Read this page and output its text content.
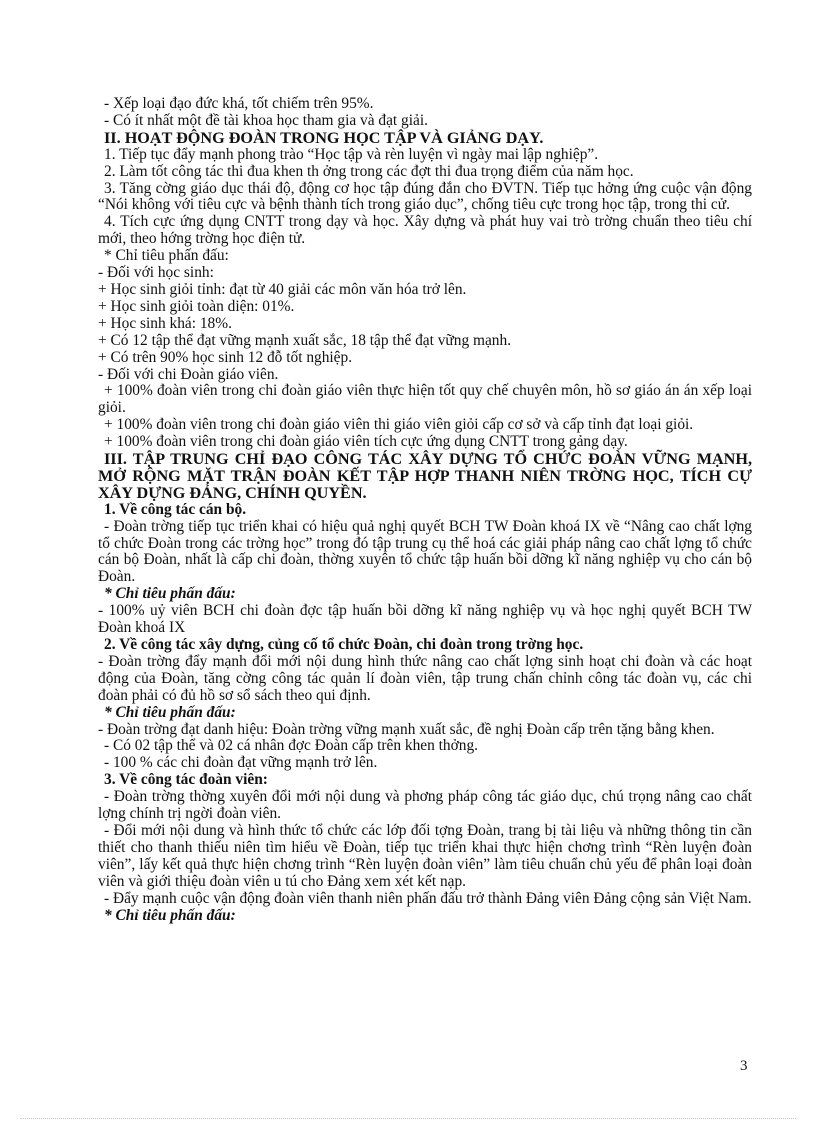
- Xếp loại đạo đức khá, tốt chiếm trên 95%.

- Có ít nhất một đề tài khoa học tham gia và đạt giải.

II. HOẠT ĐỘNG ĐOÀN TRONG HỌC TẬP VÀ GIẢNG DẠY.

1. Tiếp tục đẩy mạnh phong trào “Học tập và rèn luyện vì ngày mai lập nghiệp”.

2. Làm tốt công tác thi đua khen th ởng trong các đợt thi đua trọng điểm của năm học.

3. Tăng cờng giáo dục thái độ, động cơ học tập đúng đắn cho ĐVTN. Tiếp tục hởng ứng cuộc vận động “Nói không với tiêu cực và bệnh thành tích trong giáo dục”, chống tiêu cực trong học tập, trong thi cử.

4. Tích cực ứng dụng CNTT trong dạy và học. Xây dựng và phát huy vai trò trờng chuẩn theo tiêu chí mới, theo hớng trờng học điện tử.

* Chỉ tiêu phấn đấu:

- Đối với học sinh:

+ Học sinh giỏi tỉnh: đạt từ 40 giải các môn văn hóa trở lên.

+ Học sinh giỏi toàn diện: 01%.

+ Học sinh khá: 18%.

+ Có 12 tập thể đạt vững mạnh xuất sắc, 18 tập thể đạt vững mạnh.

+ Có trên 90% học sinh 12 đỗ tốt nghiệp.

- Đối với chi Đoàn giáo viên.

+ 100% đoàn viên trong chi đoàn giáo viên thực hiện tốt quy chế chuyên môn, hồ sơ giáo án án xếp loại giỏi.

+ 100% đoàn viên trong chi đoàn giáo viên thi giáo viên giỏi cấp cơ sở và cấp tỉnh đạt loại giỏi.

+ 100% đoàn viên trong chi đoàn giáo viên tích cực ứng dụng CNTT trong gảng dạy.

III. TẬP TRUNG CHỈ ĐẠO CÔNG TÁC XÂY DỰNG TỔ CHỨC ĐOÀN VỮNG MẠNH, MỞ RỘNG MẶT TRẬN ĐOÀN KẾT TẬP HỢP THANH NIÊN TRỜNG HỌC, TÍCH CỰ XÂY DỰNG ĐẢNG, CHÍNH QUYỀN.

1. Về công tác cán bộ.

- Đoàn trờng tiếp tục triển khai có hiệu quả nghị quyết BCH TW Đoàn khoá IX về “Nâng cao chất lợng tổ chức Đoàn trong các trờng học” trong đó tập trung cụ thể hoá các giải pháp nâng cao chất lợng tổ chức cán bộ Đoàn, nhất là cấp chi đoàn, thờng xuyên tổ chức tập huấn bồi dỡng kĩ năng nghiệp vụ cho cán bộ Đoàn.

* Chỉ tiêu phấn đấu:

- 100% uỷ viên BCH chi đoàn đợc tập huấn bồi dỡng kĩ năng nghiệp vụ và học nghị quyết BCH TW Đoàn khoá IX

2. Về công tác xây dựng, củng cố tổ chức Đoàn, chi đoàn trong trờng học.

- Đoàn trờng đẩy mạnh đổi mới nội dung hình thức nâng cao chất lợng sinh hoạt chi đoàn và các hoạt động của Đoàn, tăng cờng công tác quản lí đoàn viên, tập trung chấn chỉnh công tác đoàn vụ, các chi đoàn phải có đủ hồ sơ sổ sách theo qui định.

* Chỉ tiêu phấn đấu:

- Đoàn trờng đạt danh hiệu: Đoàn trờng vững mạnh xuất sắc, đề nghị Đoàn cấp trên tặng bằng khen.

- Có 02 tập thể và 02 cá nhân đợc Đoàn cấp trên khen thởng.

- 100 % các chi đoàn đạt vững mạnh trở lên.

3. Về công tác đoàn viên:

- Đoàn trờng thờng xuyên đổi mới nội dung và phơng pháp công tác giáo dục, chú trọng nâng cao chất lợng chính trị ngời đoàn viên.

- Đổi mới nội dung và hình thức tổ chức các lớp đối tợng Đoàn, trang bị tài liệu và những thông tin cần thiết cho thanh thiếu niên tìm hiểu về Đoàn, tiếp tục triển khai thực hiện chơng trình “Rèn luyện đoàn viên”, lấy kết quả thực hiện chơng trình “Rèn luyện đoàn viên” làm tiêu chuẩn chủ yếu để phân loại đoàn viên và giới thiệu đoàn viên u tú cho Đảng xem xét kết nạp.

- Đẩy mạnh cuộc vận động đoàn viên thanh niên phấn đấu trở thành Đảng viên Đảng cộng sản Việt Nam.

* Chỉ tiêu phấn đấu:

3
